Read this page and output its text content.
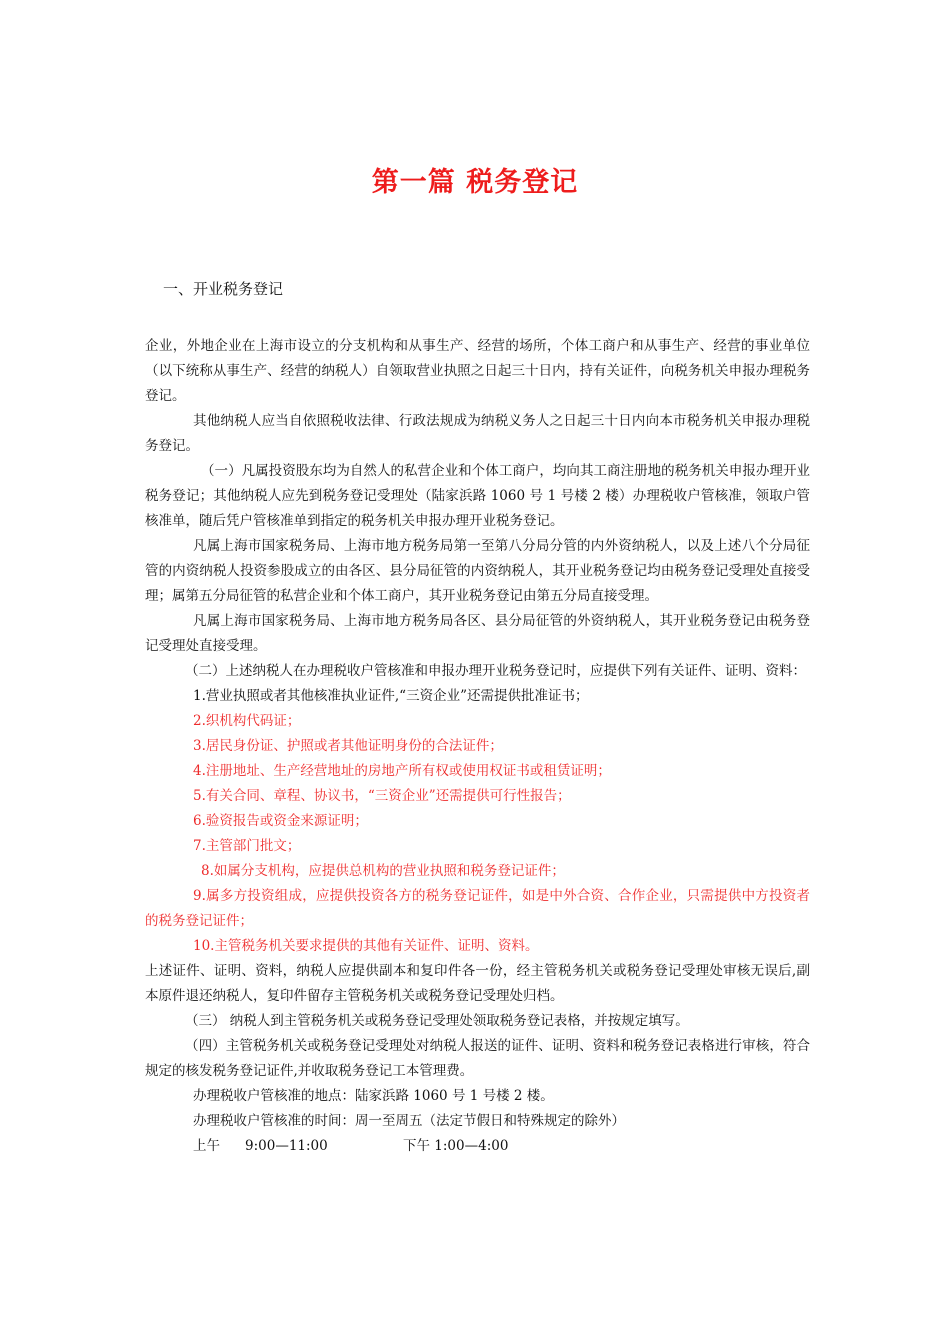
第一篇 税务登记
一、开业税务登记

企业，外地企业在上海市设立的分支机构和从事生产、经营的场所，个体工商户和从事生产、经营的事业单位（以下统称从事生产、经营的纳税人）自领取营业执照之日起三十日内，持有关证件，向税务机关申报办理税务登记。

其他纳税人应当自依照税收法律、行政法规成为纳税义务人之日起三十日内向本市税务机关申报办理税务登记。

（一）凡属投资股东均为自然人的私营企业和个体工商户，均向其工商注册地的税务机关申报办理开业税务登记；其他纳税人应先到税务登记受理处（陆家浜路 1060 号 1 号楼 2 楼）办理税收户管核准，领取户管核准单，随后凭户管核准单到指定的税务机关申报办理开业税务登记。

凡属上海市国家税务局、上海市地方税务局第一至第八分局分管的内外资纳税人，以及上述八个分局征管的内资纳税人投资参股成立的由各区、县分局征管的内资纳税人，其开业税务登记均由税务登记受理处直接受理；属第五分局征管的私营企业和个体工商户，其开业税务登记由第五分局直接受理。

凡属上海市国家税务局、上海市地方税务局各区、县分局征管的外资纳税人，其开业税务登记由税务登记受理处直接受理。

（二）上述纳税人在办理税收户管核准和申报办理开业税务登记时，应提供下列有关证件、证明、资料：

1.营业执照或者其他核准执业证件,“三资企业”还需提供批准证书；

2.织机构代码证；

3.居民身份证、护照或者其他证明身份的合法证件；

4.注册地址、生产经营地址的房地产所有权或使用权证书或租赁证明；

5.有关合同、章程、协议书，“三资企业”还需提供可行性报告；

6.验资报告或资金来源证明；

7.主管部门批文；

8.如属分支机构，应提供总机构的营业执照和税务登记证件；

9.属多方投资组成，应提供投资各方的税务登记证件，如是中外合资、合作企业，只需提供中方投资者的税务登记证件；

10.主管税务机关要求提供的其他有关证件、证明、资料。

上述证件、证明、资料，纳税人应提供副本和复印件各一份，经主管税务机关或税务登记受理处审核无误后,副本原件退还纳税人，复印件留存主管税务机关或税务登记受理处归档。

（三） 纳税人到主管税务机关或税务登记受理处领取税务登记表格，并按规定填写。

（四）主管税务机关或税务登记受理处对纳税人报送的证件、证明、资料和税务登记表格进行审核，符合规定的核发税务登记证件,并收取税务登记工本管理费。

办理税收户管核准的地点：陆家浜路 1060 号 1 号楼 2 楼。

办理税收户管核准的时间：周一至周五（法定节假日和特殊规定的除外）

上午 9:00—11:00	下午 1:00—4:00
